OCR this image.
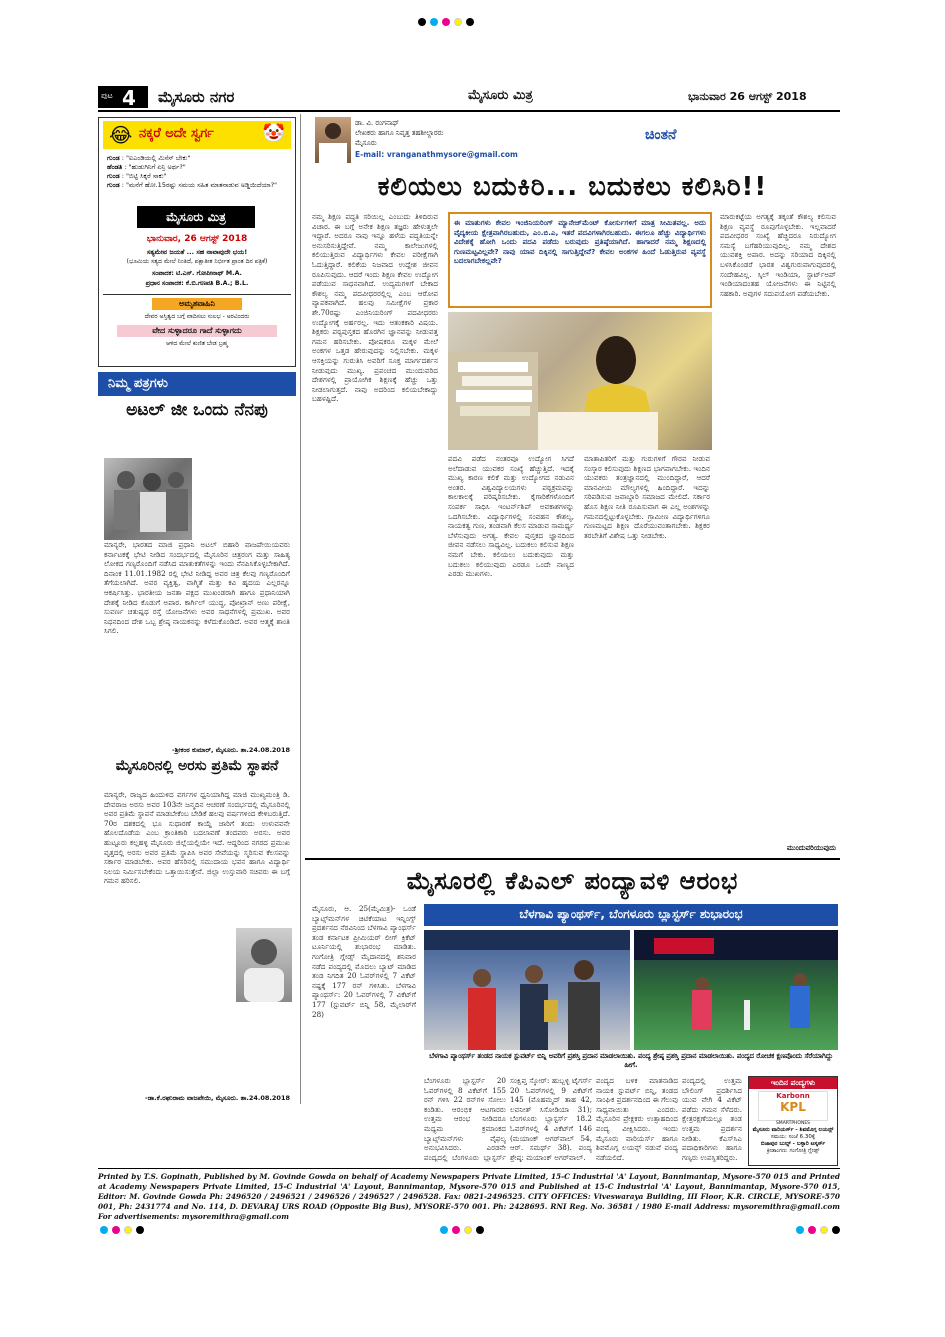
ಪುಟ 4 ಮೈಸೂರು ನಗರ	ಮೈಸೂರು ಮಿತ್ರ	ಭಾನುವಾರ 26 ಆಗಸ್ಟ್ 2018
😂 ನಕ್ಕರೆ ಅದೇ ಸ್ವರ್ಗ	🤡
ಗುಂಡ : "ಐಎಂಡಿಯಲ್ಲಿ ಮಿಸೆಸ್ ಬೇಕು"
ಹೆಂಡತಿ : "ಹುಡುಗಿನಿಗೆ ಏನ್ರಿ ಅರ್ಥ?"
ಗುಂಡ : "ಬಿಟ್ಟಿ ಸಿಕ್ಕರೆ ಸಾಕು"
ಗುಂಡ : "ಮನೆಗೆ ಹೋ.15ರಷ್ಟು ಸಮಯ ಸಹಿತ ಮಾತನಾಡುವ ಅಡ್ಡಿಯಿದೆಯಾ?"
ಮೈಸೂರು ಮಿತ್ರ
ಭಾನುವಾರ, 26 ಆಗಸ್ಟ್ 2018
ಸತ್ಯಮೇವ ಜಯತೆ ... ಸಹ ನಾವಾವುದೇ ಭಯ!
(ಭೂಮಿಯ ಸತ್ಯದ ಮೇಲೆ ನಿಂತಿದೆ, ಪಕ್ಷಾತೀತ ನಿರ್ಭೀತ ಪ್ರಾಂತ ದಿನ ಪತ್ರಿಕೆ)
ಸಂಪಾದಕ: ಟಿ.ಎಸ್. ಗೋಪೀನಾಥ್ M.A.
ಪ್ರಧಾನ ಸಂಪಾದಕ: ಕೆ.ಬಿ.ಗಣಪತಿ B.A.; B.L.
ಅಮೃತವಾಹಿನಿ
ದೇವರ ಅಸ್ತಿತ್ವದ ಬಗ್ಗೆ ವಾದಿಸಲು ಸುಲಭ - ಅರವಿಂದರು
ವೇದ ಸುಳ್ಳಾದರೂ ಗಾದೆ ಸುಳ್ಳಾಗದು
ಆಳಿದ ಮೇಲೆ ಕುಣಿತ ಬೇಡ ಬ್ರಹ್ಮ
ನಿಮ್ಮ ಪತ್ರಗಳು
ಅಟಲ್ ಜೀ ಒಂದು ನೆನಪು
ಮಾನ್ಯರೇ, ಭಾರತದ ಮಾಜಿ ಪ್ರಧಾನಿ ಅಟಲ್ ಬಿಹಾರಿ ವಾಜಪೇಯಿಯವರು ಕರ್ನಾಟಕಕ್ಕೆ ಭೇಟಿ ನೀಡಿದ ಸಂದರ್ಭದಲ್ಲಿ ಮೈಸೂರಿನ ಚಿತ್ರರಂಗ ಮತ್ತು ಸಾಹಿತ್ಯ ಲೋಕದ ಗಣ್ಯರೊಂದಿಗೆ ನಡೆಸಿದ ಮಾತುಕತೆಗಳನ್ನು ಇಂದು ನೆನಪಿಸಿಕೊಳ್ಳಬೇಕಾಗಿದೆ. ದಿನಾಂಕ 11.01.1982 ರಲ್ಲಿ ಭೇಟಿ ನೀಡಿದ್ದ ಅವರ ಚಿತ್ರ ಕೆಲವು ಗಣ್ಯರೊಂದಿಗೆ ತೆಗೆಯಲಾಗಿದೆ. ಅವರ ವ್ಯಕ್ತಿತ್ವ, ವಾಗ್ಮಿತೆ ಮತ್ತು ಕವಿ ಹೃದಯ ಎಲ್ಲರನ್ನೂ ಆಕರ್ಷಿಸಿತ್ತು. ಭಾರತೀಯ ಜನತಾ ಪಕ್ಷದ ಮುಖಂಡರಾಗಿ ಹಾಗೂ ಪ್ರಧಾನಿಯಾಗಿ ದೇಶಕ್ಕೆ ನೀಡಿದ ಕೊಡುಗೆ ಅಪಾರ. ಕಾರ್ಗಿಲ್ ಯುದ್ಧ, ಪೋಖ್ರಾನ್ ಅಣು ಪರೀಕ್ಷೆ, ಸುವರ್ಣ ಚತುಷ್ಪಥ ರಸ್ತೆ ಯೋಜನೆಗಳು ಅವರ ಸಾಧನೆಗಳಲ್ಲಿ ಪ್ರಮುಖ. ಅವರ ನಿಧನದಿಂದ ದೇಶ ಒಬ್ಬ ಶ್ರೇಷ್ಠ ನಾಯಕನನ್ನು ಕಳೆದುಕೊಂಡಿದೆ. ಅವರ ಆತ್ಮಕ್ಕೆ ಶಾಂತಿ ಸಿಗಲಿ.
-ಶ್ರೀಕಂಠ ಕುಮಾರ್, ಮೈಸೂರು. ತಾ.24.08.2018
ಮೈಸೂರಿನಲ್ಲಿ ಅರಸು ಪ್ರತಿಮೆ ಸ್ಥಾಪನೆ
ಮಾನ್ಯರೇ, ರಾಜ್ಯದ ಹಿಂದುಳಿದ ವರ್ಗಗಳ ಧ್ವನಿಯಾಗಿದ್ದ ಮಾಜಿ ಮುಖ್ಯಮಂತ್ರಿ ಡಿ. ದೇವರಾಜ ಅರಸು ಅವರ 103ನೇ ಜನ್ಮದಿನ ಆಚರಣೆ ಸಂದರ್ಭದಲ್ಲಿ ಮೈಸೂರಿನಲ್ಲಿ ಅವರ ಪ್ರತಿಮೆ ಸ್ಥಾಪನೆ ಮಾಡಬೇಕೆಂಬ ಬೇಡಿಕೆ ಹಲವು ವರ್ಷಗಳಿಂದ ಕೇಳಿಬರುತ್ತಿದೆ. 70ರ ದಶಕದಲ್ಲಿ ಭೂ ಸುಧಾರಣೆ ಕಾಯ್ದೆ ಜಾರಿಗೆ ತಂದು ಉಳುವವನೇ ಹೊಲದೊಡೆಯ ಎಂಬ ಕ್ರಾಂತಿಕಾರಿ ಬದಲಾವಣೆ ತಂದವರು ಅರಸು. ಅವರ ಹುಟ್ಟೂರು ಕಲ್ಲಹಳ್ಳಿ ಮೈಸೂರು ಜಿಲ್ಲೆಯಲ್ಲಿಯೇ ಇದೆ. ಆದ್ದರಿಂದ ನಗರದ ಪ್ರಮುಖ ವೃತ್ತದಲ್ಲಿ ಅರಸು ಅವರ ಪ್ರತಿಮೆ ಸ್ಥಾಪಿಸಿ ಅವರ ಸೇವೆಯನ್ನು ಸ್ಮರಿಸುವ ಕೆಲಸವನ್ನು ಸರ್ಕಾರ ಮಾಡಬೇಕು. ಅವರ ಹೆಸರಿನಲ್ಲಿ ಸಮುದಾಯ ಭವನ ಹಾಗೂ ವಿದ್ಯಾರ್ಥಿ ನಿಲಯ ನಿರ್ಮಿಸಬೇಕೆಂದು ಒತ್ತಾಯಿಸುತ್ತೇನೆ. ಜಿಲ್ಲಾ ಉಸ್ತುವಾರಿ ಸಚಿವರು ಈ ಬಗ್ಗೆ ಗಮನ ಹರಿಸಲಿ.
-ಡಾ.ಕೆ.ರಘುರಾಮ ವಾಜಪೇಯಿ, ಮೈಸೂರು. ತಾ.24.08.2018
ಡಾ. ವಿ. ರಂಗನಾಥ್
ಲೇಖಕರು ಹಾಗೂ ನಿವೃತ್ತ ತಹಶೀಲ್ದಾರರು
ಮೈಸೂರು
E-mail: vranganathmysore@gmail.com
ಚಿಂತನೆ
ಕಲಿಯಲು ಬದುಕಿರಿ... ಬದುಕಲು ಕಲಿಸಿರಿ!!
ನಮ್ಮ ಶಿಕ್ಷಣ ಪದ್ಧತಿ ಸರಿಯಿಲ್ಲ ಎಂಬುದು ತಿಳಿದಿರುವ ವಿಚಾರ. ಈ ಬಗ್ಗೆ ಅನೇಕ ಶಿಕ್ಷಣ ತಜ್ಞರು ಹೇಳುತ್ತಲೇ ಇದ್ದಾರೆ. ಅದರೂ ನಾವು ಇನ್ನೂ ಹಳೆಯ ಪದ್ಧತಿಯನ್ನೇ ಅನುಸರಿಸುತ್ತಿದ್ದೇವೆ. ನಮ್ಮ ಕಾಲೇಜುಗಳಲ್ಲಿ ಕಲಿಯುತ್ತಿರುವ ವಿದ್ಯಾರ್ಥಿಗಳು ಕೇವಲ ಪರೀಕ್ಷೆಗಾಗಿ ಓದುತ್ತಿದ್ದಾರೆ. ಕಲಿಕೆಯ ನಿಜವಾದ ಉದ್ದೇಶ ಜೀವನ ರೂಪಿಸುವುದು. ಆದರೆ ಇಂದು ಶಿಕ್ಷಣ ಕೇವಲ ಉದ್ಯೋಗ ಪಡೆಯುವ ಸಾಧನವಾಗಿದೆ. ಉದ್ಯಮಗಳಿಗೆ ಬೇಕಾದ ಕೌಶಲ್ಯ ನಮ್ಮ ಪದವೀಧರರಲ್ಲಿಲ್ಲ ಎಂಬ ಆರೋಪ ವ್ಯಾಪಕವಾಗಿದೆ. ಹಲವು ಸಮೀಕ್ಷೆಗಳ ಪ್ರಕಾರ ಶೇ.70ರಷ್ಟು ಎಂಜಿನಿಯರಿಂಗ್ ಪದವೀಧರರು ಉದ್ಯೋಗಕ್ಕೆ ಅರ್ಹರಲ್ಲ. ಇದು ಆತಂಕಕಾರಿ ವಿಷಯ. ಶಿಕ್ಷಕರು ಪಠ್ಯಪುಸ್ತಕದ ಹೊರಗಿನ ಜ್ಞಾನವನ್ನು ನೀಡುವತ್ತ ಗಮನ ಹರಿಸಬೇಕು. ಪೋಷಕರೂ ಮಕ್ಕಳ ಮೇಲೆ ಅಂಕಗಳ ಒತ್ತಡ ಹೇರುವುದನ್ನು ನಿಲ್ಲಿಸಬೇಕು. ಮಕ್ಕಳ ಆಸಕ್ತಿಯನ್ನು ಗುರುತಿಸಿ ಅವರಿಗೆ ಸೂಕ್ತ ಮಾರ್ಗದರ್ಶನ ನೀಡುವುದು ಮುಖ್ಯ. ಪ್ರಪಂಚದ ಮುಂದುವರಿದ ದೇಶಗಳಲ್ಲಿ ಪ್ರಾಯೋಗಿಕ ಶಿಕ್ಷಣಕ್ಕೆ ಹೆಚ್ಚು ಒತ್ತು ನೀಡಲಾಗುತ್ತದೆ. ನಾವು ಅದರಿಂದ ಕಲಿಯಬೇಕಾದ್ದು ಬಹಳಷ್ಟಿದೆ.
ಈ ಮಾತುಗಳು ಕೇವಲ ಇಂಜಿನಿಯರಿಂಗ್ ಮ್ಯಾನೇಜ್‌ಮೆಂಟ್ ಕೋರ್ಸುಗಳಿಗೆ ಮಾತ್ರ ಸೀಮಿತವಲ್ಲ. ಅದು ವೈದ್ಯಕೀಯ ಕ್ಷೇತ್ರವಾಗಿರಬಹುದು, ಎಂ.ಬಿ.ಎ, ಇತರೆ ಪದವಿಗಳಾಗಿರಬಹುದು. ಈಗಲೂ ಹೆಚ್ಚು ವಿದ್ಯಾರ್ಥಿಗಳು ವಿದೇಶಕ್ಕೆ ಹೋಗಿ ಒಂದು ಪದವಿ ಪಡೆದು ಬರುವುದು ಪ್ರತಿಷ್ಠೆಯಾಗಿದೆ. ಹಾಗಾದರೆ ನಮ್ಮ ಶಿಕ್ಷಣದಲ್ಲಿ ಗುಣಮಟ್ಟವಿಲ್ಲವೇ? ನಾವು ಯಾವ ದಿಕ್ಕಿನಲ್ಲಿ ಸಾಗುತ್ತಿದ್ದೇವೆ? ಕೇವಲ ಅಂಕಗಳ ಹಿಂದೆ ಓಡುತ್ತಿರುವ ವ್ಯವಸ್ಥೆ ಬದಲಾಗಬೇಕಲ್ಲವೇ?
ಪದವಿ ಪಡೆದ ನಂತರವೂ ಉದ್ಯೋಗ ಸಿಗದೆ ಅಲೆದಾಡುವ ಯುವಕರ ಸಂಖ್ಯೆ ಹೆಚ್ಚುತ್ತಿದೆ. ಇದಕ್ಕೆ ಮುಖ್ಯ ಕಾರಣ ಕಲಿಕೆ ಮತ್ತು ಉದ್ಯೋಗದ ನಡುವಿನ ಅಂತರ. ವಿಶ್ವವಿದ್ಯಾಲಯಗಳು ಪಠ್ಯಕ್ರಮವನ್ನು ಕಾಲಕಾಲಕ್ಕೆ ಪರಿಷ್ಕರಿಸಬೇಕು. ಕೈಗಾರಿಕೆಗಳೊಂದಿಗೆ ಸಂಪರ್ಕ ಸಾಧಿಸಿ ಇಂಟರ್ನ್‌ಶಿಪ್ ಅವಕಾಶಗಳನ್ನು ಒದಗಿಸಬೇಕು. ವಿದ್ಯಾರ್ಥಿಗಳಲ್ಲಿ ಸಂವಹನ ಕೌಶಲ್ಯ, ನಾಯಕತ್ವ ಗುಣ, ತಂಡವಾಗಿ ಕೆಲಸ ಮಾಡುವ ಸಾಮರ್ಥ್ಯ ಬೆಳೆಸುವುದು ಅಗತ್ಯ. ಕೇವಲ ಪುಸ್ತಕದ ಜ್ಞಾನದಿಂದ ಜೀವನ ನಡೆಸಲು ಸಾಧ್ಯವಿಲ್ಲ. ಬದುಕಲು ಕಲಿಸುವ ಶಿಕ್ಷಣ ನಮಗೆ ಬೇಕು. ಕಲಿಯಲು ಬದುಕುವುದು ಮತ್ತು ಬದುಕಲು ಕಲಿಯುವುದು ಎರಡೂ ಒಂದೇ ನಾಣ್ಯದ ಎರಡು ಮುಖಗಳು.
ಮಾತಾಪಿತರಿಗೆ ಮತ್ತು ಗುರುಗಳಿಗೆ ಗೌರವ ನೀಡುವ ಸಂಸ್ಕಾರ ಕಲಿಸುವುದು ಶಿಕ್ಷಣದ ಭಾಗವಾಗಬೇಕು. ಇಂದಿನ ಯುವಕರು ತಂತ್ರಜ್ಞಾನದಲ್ಲಿ ಮುಂದಿದ್ದಾರೆ, ಆದರೆ ಮಾನವೀಯ ಮೌಲ್ಯಗಳಲ್ಲಿ ಹಿಂದಿದ್ದಾರೆ. ಇದನ್ನು ಸರಿಪಡಿಸುವ ಜವಾಬ್ದಾರಿ ಸಮಾಜದ ಮೇಲಿದೆ. ಸರ್ಕಾರ ಹೊಸ ಶಿಕ್ಷಣ ನೀತಿ ರೂಪಿಸುವಾಗ ಈ ಎಲ್ಲ ಅಂಶಗಳನ್ನು ಗಮನದಲ್ಲಿಟ್ಟುಕೊಳ್ಳಬೇಕು. ಗ್ರಾಮೀಣ ವಿದ್ಯಾರ್ಥಿಗಳಿಗೂ ಗುಣಮಟ್ಟದ ಶಿಕ್ಷಣ ದೊರೆಯುವಂತಾಗಬೇಕು. ಶಿಕ್ಷಕರ ತರಬೇತಿಗೆ ವಿಶೇಷ ಒತ್ತು ನೀಡಬೇಕು.
ಮಾರುಕಟ್ಟೆಯ ಅಗತ್ಯಕ್ಕೆ ತಕ್ಕಂತೆ ಕೌಶಲ್ಯ ಕಲಿಸುವ ಶಿಕ್ಷಣ ವ್ಯವಸ್ಥೆ ರೂಪುಗೊಳ್ಳಬೇಕು. ಇಲ್ಲವಾದರೆ ಪದವೀಧರರ ಸಂಖ್ಯೆ ಹೆಚ್ಚಿದರೂ ನಿರುದ್ಯೋಗ ಸಮಸ್ಯೆ ಬಗೆಹರಿಯುವುದಿಲ್ಲ. ನಮ್ಮ ದೇಶದ ಯುವಶಕ್ತಿ ಅಪಾರ. ಅದನ್ನು ಸರಿಯಾದ ದಿಕ್ಕಿನಲ್ಲಿ ಬಳಸಿಕೊಂಡರೆ ಭಾರತ ವಿಶ್ವಗುರುವಾಗುವುದರಲ್ಲಿ ಸಂದೇಹವಿಲ್ಲ. ಸ್ಕಿಲ್ ಇಂಡಿಯಾ, ಸ್ಟಾರ್ಟ್‌ಅಪ್ ಇಂಡಿಯಾದಂತಹ ಯೋಜನೆಗಳು ಈ ನಿಟ್ಟಿನಲ್ಲಿ ಸಹಕಾರಿ. ಅವುಗಳ ಸದುಪಯೋಗ ಪಡೆಯಬೇಕು.
ಮುಂದುವರಿಯುವುದು
ಮೈಸೂರಲ್ಲಿ ಕೆಪಿಎಲ್ ಪಂದ್ಯಾವಳಿ ಆರಂಭ
ಮೈಸೂರು, ಆ. 25(ಮೈಮಿತ್ರ)- ಒಂಡೆ ಬ್ಯಾಟ್ಸ್‌ಮನ್‌ಗಳ ಚಿಟಿಕೆಯಾಟ ಇನ್ನಿಂಗ್ಸ್ ಪ್ರದರ್ಶನದ ನೆರವಿನಿಂದ ಬೆಳಗಾವಿ ಪ್ಯಾಂಥರ್ಸ್ ತಂಡ ಕರ್ನಾಟಕ ಪ್ರೀಮಿಯರ್ ಲೀಗ್ ಕ್ರಿಕೆಟ್ ಟೂರ್ನಿಯಲ್ಲಿ ಶುಭಾರಂಭ ಮಾಡಿತು. ಗಂಗೋತ್ರಿ ಗ್ಲೇಡ್ಸ್ ಮೈದಾನದಲ್ಲಿ ಶನಿವಾರ ನಡೆದ ಪಂದ್ಯದಲ್ಲಿ ಮೊದಲು ಬ್ಯಾಟ್ ಮಾಡಿದ ತಂಡ ನಿಗದಿತ 20 ಓವರ್‌ಗಳಲ್ಲಿ 7 ವಿಕೆಟ್ ನಷ್ಟಕ್ಕೆ 177 ರನ್ ಗಳಿಸಿತು. ಬೆಳಗಾವಿ ಪ್ಯಾಂಥರ್ಸ್: 20 ಓವರ್‌ಗಳಲ್ಲಿ 7 ವಿಕೆಟ್‌ಗೆ 177 (ಸ್ಟುವರ್ಟ್ ಬಿನ್ನಿ 58, ಮೈಲಾರ್‌ಗೆ 28)
ಬೆಳಗಾವಿ ಪ್ಯಾಂಥರ್ಸ್, ಬೆಂಗಳೂರು ಬ್ಲಾಸ್ಟರ್ಸ್ ಶುಭಾರಂಭ
ಬೆಳಗಾವಿ ಪ್ಯಾಂಥರ್ಸ್ ತಂಡದ ನಾಯಕ ಸ್ಟುವರ್ಟ್ ಬಿನ್ನಿ ಅವರಿಗೆ ಪ್ರಶಸ್ತಿ ಪ್ರದಾನ ಮಾಡಲಾಯಿತು. ಪಂದ್ಯ ಶ್ರೇಷ್ಠ ಪ್ರಶಸ್ತಿ ಪ್ರದಾನ ಮಾಡಲಾಯಿತು. ಪಂದ್ಯದ ರೋಚಕ ಕ್ಷಣವೊಂದು ಸೆರೆಯಾಗಿದ್ದು ಹೀಗೆ.
ಬೆಂಗಳೂರು ಬ್ಲಾಸ್ಟರ್ಸ್ 20 ಓವರ್‌ಗಳಲ್ಲಿ 8 ವಿಕೆಟ್‌ಗೆ 155 ರನ್ ಗಳಿಸಿ 22 ರನ್‌ಗಳ ಸೋಲು ಕಂಡಿತು. ಆರಂಭಿಕ ಆಟಗಾರರು ಉತ್ತಮ ಆರಂಭ ನೀಡಿದರೂ ಮಧ್ಯಮ ಕ್ರಮಾಂಕದ ಬ್ಯಾಟ್ಸ್‌ಮನ್‌ಗಳು ವೈಫಲ್ಯ ಅನುಭವಿಸಿದರು. ಎರಡನೇ ಪಂದ್ಯದಲ್ಲಿ ಬೆಂಗಳೂರು ಬ್ಲಾಸ್ಟರ್ಸ್
ಸಂಕ್ಷಿಪ್ತ ಸ್ಕೋರ್: ಹುಬ್ಬಳ್ಳಿ ಟೈಗರ್ಸ್ 20 ಓವರ್‌ಗಳಲ್ಲಿ 9 ವಿಕೆಟ್‌ಗೆ 145 (ಮೊಹಮ್ಮದ್ ತಾಹ 42, ಲವನೀತ್ ಸಿಸೋಡಿಯಾ 31); ಬೆಂಗಳೂರು ಬ್ಲಾಸ್ಟರ್ಸ್ 18.2 ಓವರ್‌ಗಳಲ್ಲಿ 4 ವಿಕೆಟ್‌ಗೆ 146 (ಮಯಾಂಕ್ ಅಗರ್‌ವಾಲ್ 54, ಆರ್. ಸಮರ್ಥ್ 38). ಪಂದ್ಯ ಶ್ರೇಷ್ಠ: ಮಯಾಂಕ್ ಅಗರ್‌ವಾಲ್.
ಪಂದ್ಯದ ಬಳಿಕ ಮಾತನಾಡಿದ ನಾಯಕ ಸ್ಟುವರ್ಟ್ ಬಿನ್ನಿ, ತಂಡದ ಸಾಂಘಿಕ ಪ್ರದರ್ಶನದಿಂದ ಈ ಗೆಲುವು ಸಾಧ್ಯವಾಯಿತು ಎಂದರು. ಮೈಸೂರಿನ ಪ್ರೇಕ್ಷಕರು ಉತ್ಸಾಹದಿಂದ ಪಂದ್ಯ ವೀಕ್ಷಿಸಿದರು. ಇಂದು ಮೈಸೂರು ವಾರಿಯರ್ಸ್ ಹಾಗೂ ಶಿವಮೊಗ್ಗ ಲಯನ್ಸ್ ನಡುವೆ ಪಂದ್ಯ ನಡೆಯಲಿದೆ.
ಪಂದ್ಯದಲ್ಲಿ ಉತ್ತಮ ಬೌಲಿಂಗ್ ಪ್ರದರ್ಶಿಸಿದ ಯುವ ವೇಗಿ 4 ವಿಕೆಟ್ ಪಡೆದು ಗಮನ ಸೆಳೆದರು. ಕ್ಷೇತ್ರರಕ್ಷಣೆಯಲ್ಲೂ ತಂಡ ಉತ್ತಮ ಪ್ರದರ್ಶನ ನೀಡಿತು. ಕೆಎಸ್‌ಸಿಎ ಪದಾಧಿಕಾರಿಗಳು ಹಾಗೂ ಗಣ್ಯರು ಉಪಸ್ಥಿತರಿದ್ದರು.
ಇಂದಿನ ಪಂದ್ಯಗಳು
Karbonn
KPL
SMARTPHONES
ಮೈಸೂರು ವಾರಿಯರ್ಸ್ - ಶಿವಮೊಗ್ಗ ಲಯನ್ಸ್
ಸಮಯ: ಸಂಜೆ 6.30ಕ್ಕೆ
ಬಿಜಾಪುರ ಬುಲ್ಸ್ - ಬಳ್ಳಾರಿ ಟಸ್ಕರ್ಸ್
ಕ್ರೀಡಾಂಗಣ: ಗಂಗೋತ್ರಿ ಗ್ಲೇಡ್ಸ್
Printed by T.S. Gopinath, Published by M. Govinde Gowda on behalf of Academy Newspapers Private Limited, 15-C Industrial 'A' Layout, Bannimantap, Mysore-570 015 and Printed at Academy Newspapers Private Limited, 15-C Industrial 'A' Layout, Bannimantap, Mysore-570 015 and Published at 15-C Industrial 'A' Layout, Bannimantap, Mysore-570 015, Editor: M. Govinde Gowda Ph: 2496520 / 2496521 / 2496526 / 2496527 / 2496528. Fax: 0821-2496525. CITY OFFICES: Viveswaraya Building, III Floor, K.R. CIRCLE, MYSORE-570 001, Ph: 2431774 and No. 114, D. DEVARAJ URS ROAD (Opposite Big Bus), MYSORE-570 001. Ph: 2428695. RNI Reg. No. 36581 / 1980 E-mail Address: mysoremithra@gmail.com For advertisements: mysoremithra@gmail.com
